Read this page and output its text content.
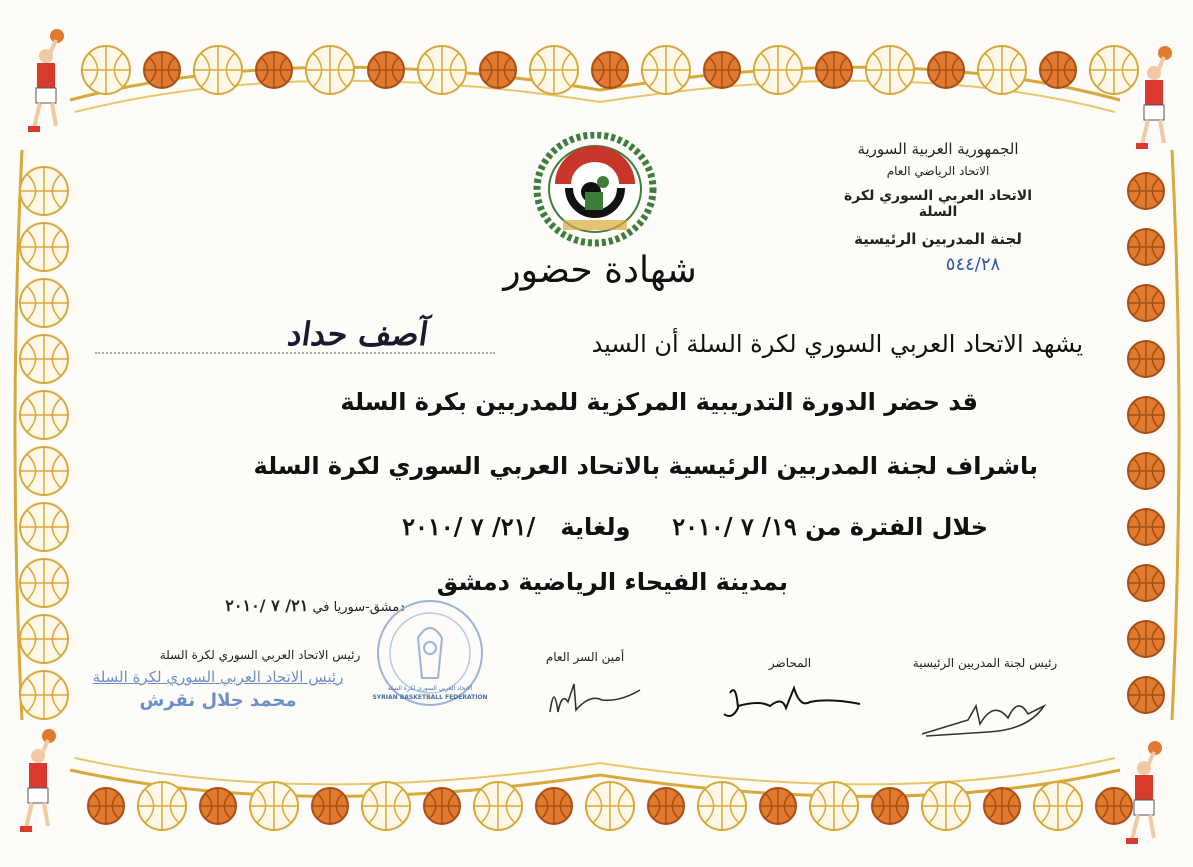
الجمهورية العربية السورية
الاتحاد الرياضي العام
الاتحاد العربي السوري لكرة السلة
لجنة المدربين الرئيسية
٥٤٤/٢٨
شهادة حضور
يشهد الاتحاد العربي السوري لكرة السلة أن السيد
آصف حداد
قد حضر الدورة التدريبية المركزية للمدربين بكرة السلة
باشراف لجنة المدربين الرئيسية بالاتحاد العربي السوري لكرة السلة
خلال الفترة من ١٩/ ٧ /٢٠١٠     ولغاية   /٢١/ ٧ /٢٠١٠
بمدينة الفيحاء الرياضية دمشق
دمشق-سوريا في ٢١/ ٧ /٢٠١٠
رئيس الاتحاد العربي السوري لكرة السلة
رئيس الاتحاد العربي السوري لكرة السلة
محمد جلال نقرش	SYRIAN BASKETBALL FEDERATION
الاتحاد العربي السوري لكرة السلة
أمين السر العام	المحاضر	رئيس لجنة المدربين الرئيسية
